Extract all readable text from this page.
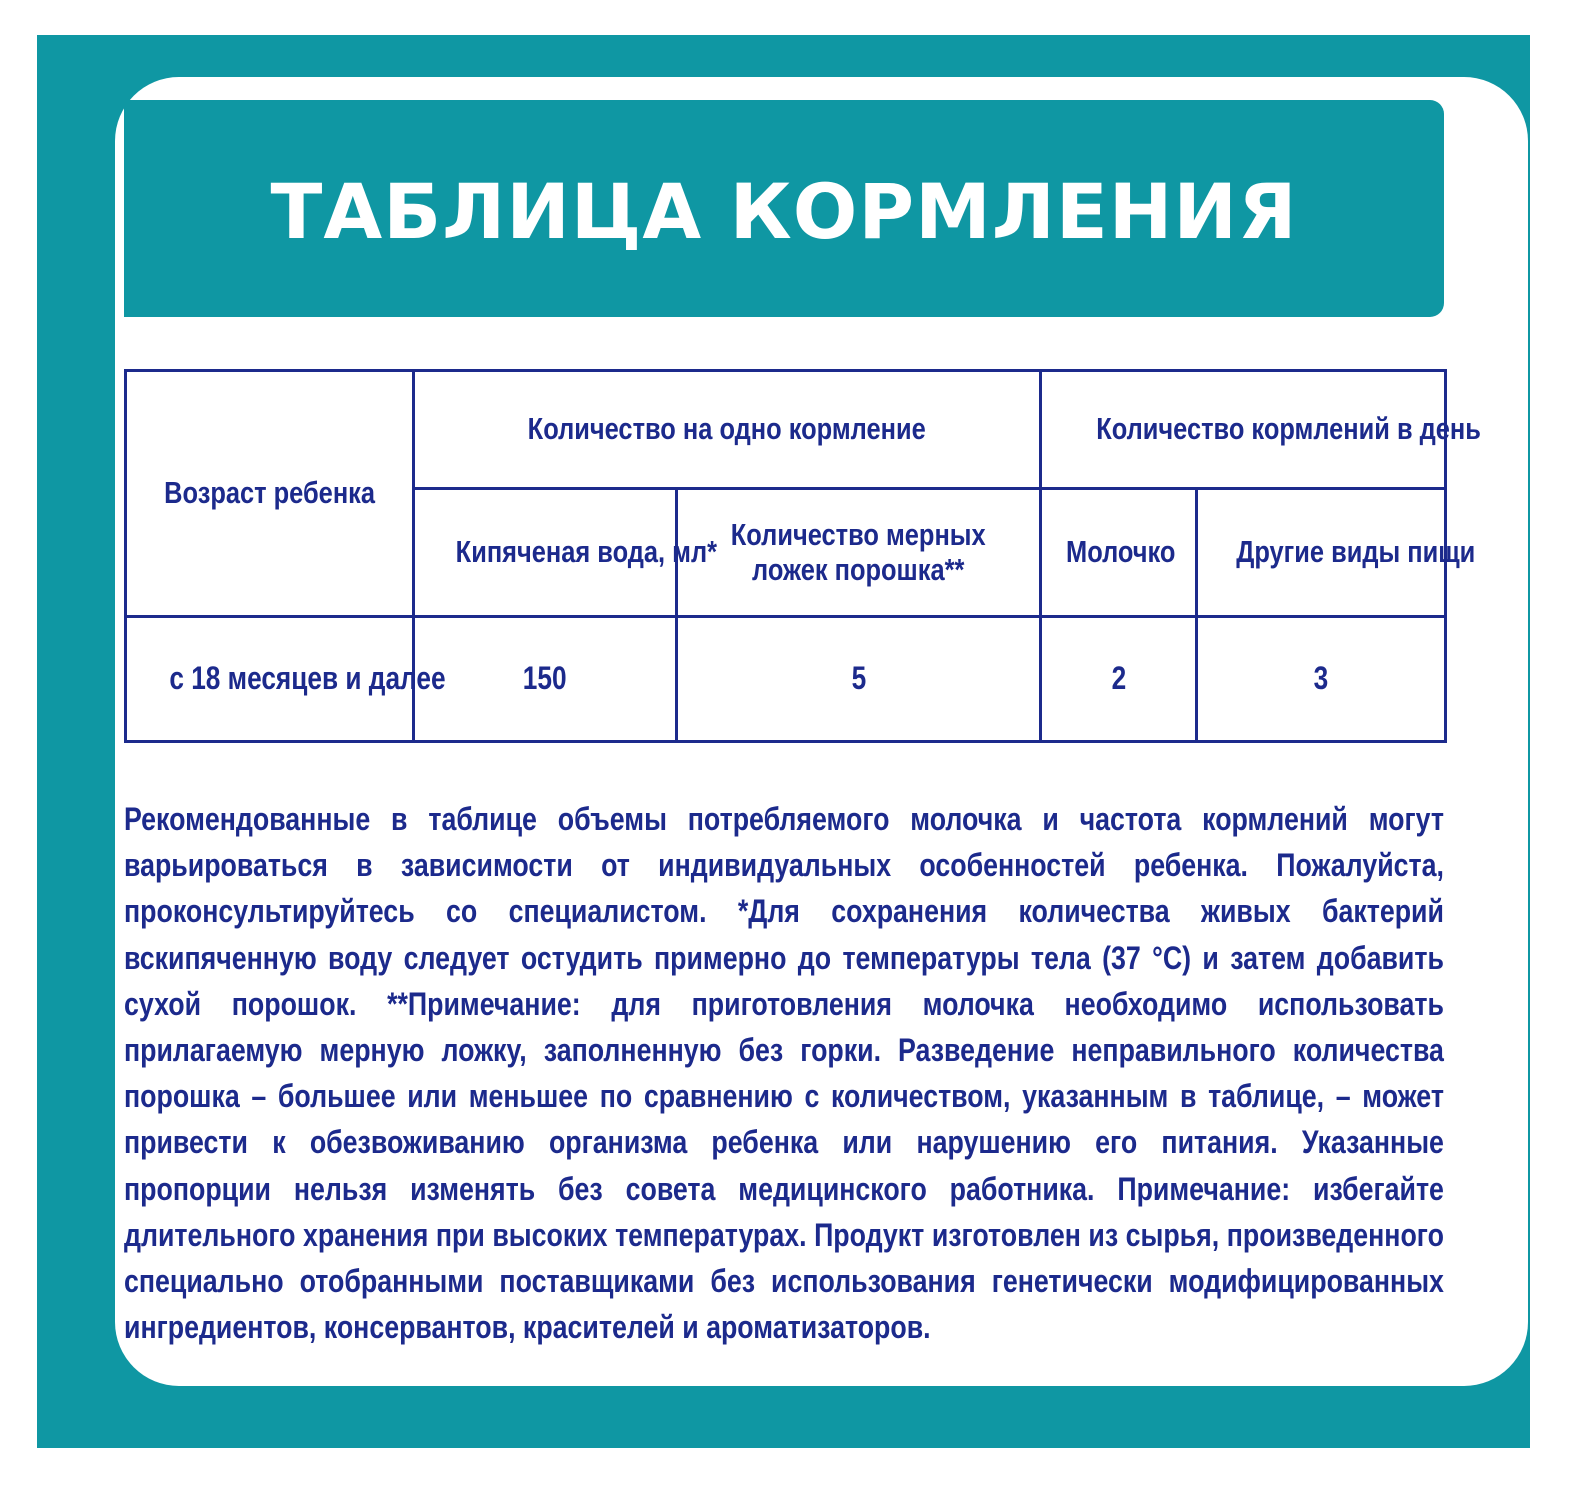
ТАБЛИЦА КОРМЛЕНИЯ
Возраст ребенка	Количество на одно кормление		Количество кормлений в день	
	Кипяченая вода, мл*	Количество мерных ложек порошка**	Молочко	Другие виды пищи
с 18 месяцев и далее	150	5	2	3
Рекомендованные в таблице объемы потребляемого молочка и частота кормлений могут варьироваться в зависимости от индивидуальных особенностей ребенка. Пожалуйста, проконсультируйтесь со специалистом. *Для сохранения количества живых бактерий вскипяченную воду следует остудить примерно до температуры тела (37 °С) и затем добавить сухой порошок. **Примечание: для приготовления молочка необходимо использовать прилагаемую мерную ложку, заполненную без горки. Разведение неправильного количества порошка – большее или меньшее по сравнению с количеством, указанным в таблице, – может привести к обезвоживанию организма ребенка или нарушению его питания. Указанные пропорции нельзя изменять без совета медицинского работника. Примечание: избегайте длительного хранения при высоких температурах. Продукт изготовлен из сырья, произведенного специально отобранными поставщиками без использования генетически модифицированных ингредиентов, консервантов, красителей и ароматизаторов.
